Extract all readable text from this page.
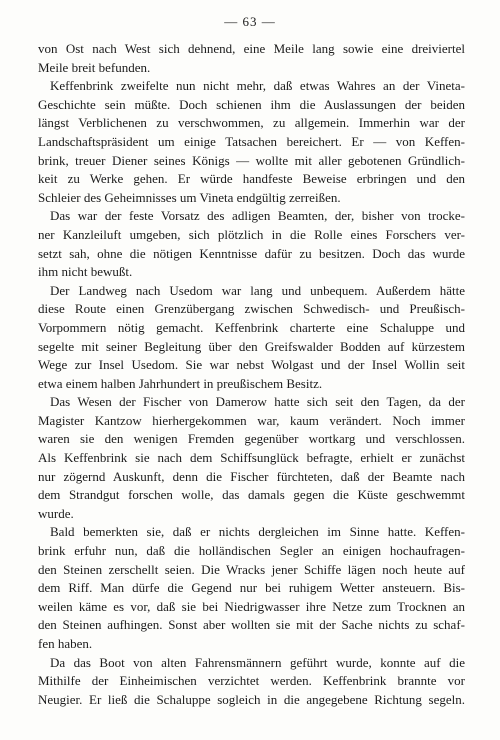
— 63 —

von Ost nach West sich dehnend, eine Meile lang sowie eine dreiviertel
Meile breit befunden.

Keffenbrink zweifelte nun nicht mehr, daß etwas Wahres an der Vineta-
Geschichte sein müßte. Doch schienen ihm die Auslassungen der beiden
längst Verblichenen zu verschwommen, zu allgemein. Immerhin war der
Landschaftspräsident um einige Tatsachen bereichert. Er — von Keffen-
brink, treuer Diener seines Königs — wollte mit aller gebotenen Gründlich-
keit zu Werke gehen. Er würde handfeste Beweise erbringen und den
Schleier des Geheimnisses um Vineta endgültig zerreißen.

Das war der feste Vorsatz des adligen Beamten, der, bisher von trocke-
ner Kanzleiluft umgeben, sich plötzlich in die Rolle eines Forschers ver-
setzt sah, ohne die nötigen Kenntnisse dafür zu besitzen. Doch das wurde
ihm nicht bewußt.

Der Landweg nach Usedom war lang und unbequem. Außerdem hätte
diese Route einen Grenzübergang zwischen Schwedisch- und Preußisch-
Vorpommern nötig gemacht. Keffenbrink charterte eine Schaluppe und
segelte mit seiner Begleitung über den Greifswalder Bodden auf kürzestem
Wege zur Insel Usedom. Sie war nebst Wolgast und der Insel Wollin seit
etwa einem halben Jahrhundert in preußischem Besitz.

Das Wesen der Fischer von Damerow hatte sich seit den Tagen, da der
Magister Kantzow hierhergekommen war, kaum verändert. Noch immer
waren sie den wenigen Fremden gegenüber wortkarg und verschlossen.
Als Keffenbrink sie nach dem Schiffsunglück befragte, erhielt er zunächst
nur zögernd Auskunft, denn die Fischer fürchteten, daß der Beamte nach
dem Strandgut forschen wolle, das damals gegen die Küste geschwemmt
wurde.

Bald bemerkten sie, daß er nichts dergleichen im Sinne hatte. Keffen-
brink erfuhr nun, daß die holländischen Segler an einigen hochaufragen-
den Steinen zerschellt seien. Die Wracks jener Schiffe lägen noch heute auf
dem Riff. Man dürfe die Gegend nur bei ruhigem Wetter ansteuern. Bis-
weilen käme es vor, daß sie bei Niedrigwasser ihre Netze zum Trocknen an
den Steinen aufhingen. Sonst aber wollten sie mit der Sache nichts zu schaf-
fen haben.

Da das Boot von alten Fahrensmännern geführt wurde, konnte auf die
Mithilfe der Einheimischen verzichtet werden. Keffenbrink brannte vor
Neugier. Er ließ die Schaluppe sogleich in die angegebene Richtung segeln.
